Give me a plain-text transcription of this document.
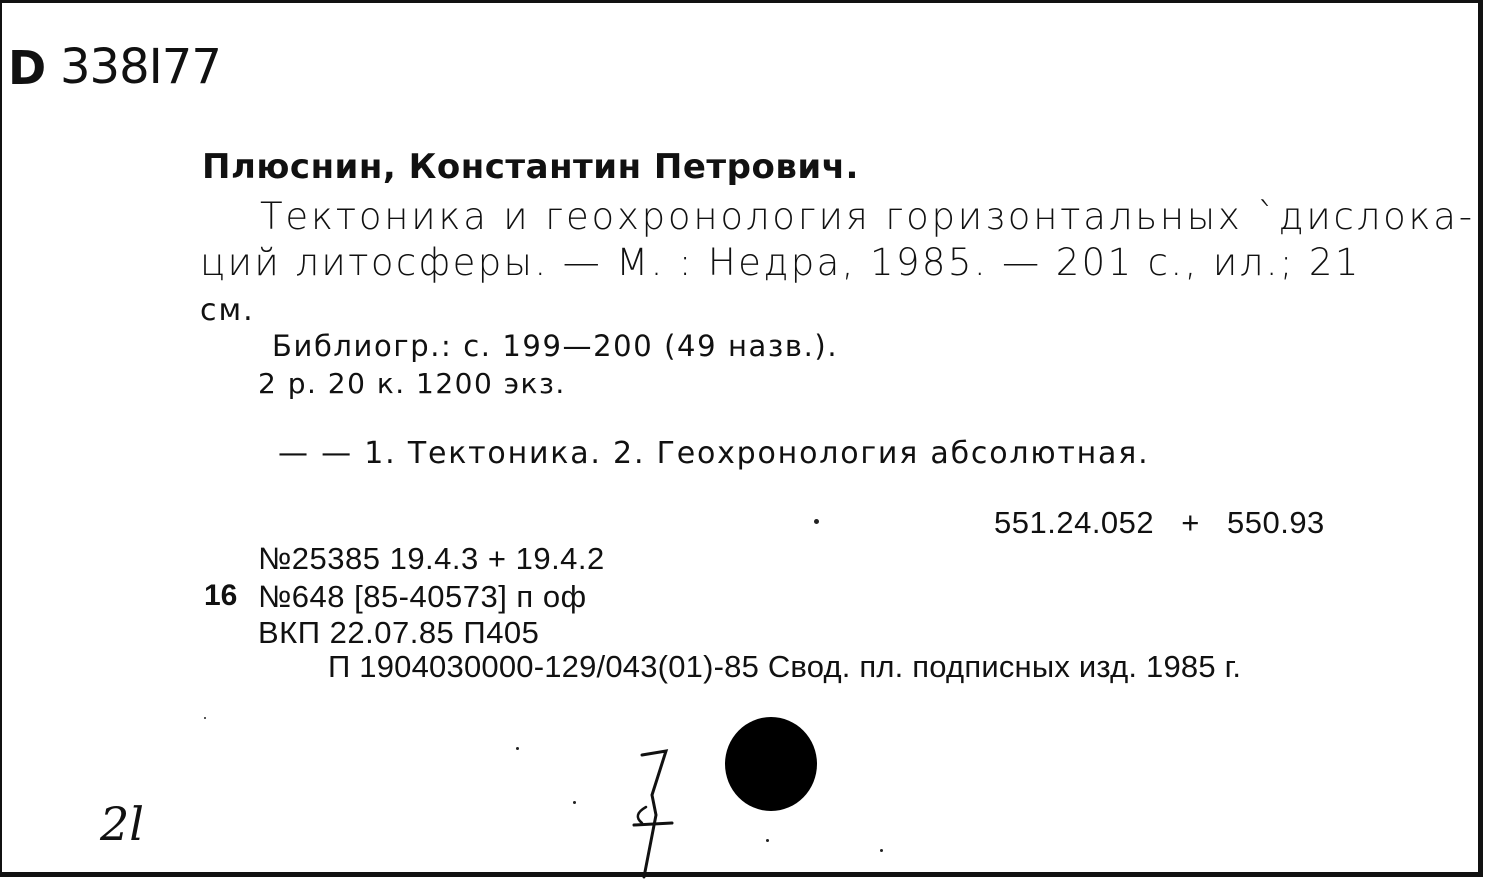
D 338I77
Плюснин, Константин Петрович.
Тектоника и геохронология горизонтальных `дислока-
ций литосферы. — М. : Недра, 1985. — 201 с., ил.; 21
см.
Библиогр.: с. 199—200 (49 назв.).
2 р. 20 к. 1200 экз.
— — 1. Тектоника. 2. Геохронология абсолютная.
551.24.052 + 550.93
№25385 19.4.3 + 19.4.2
16 №648 [85-40573] п оф
ВКП 22.07.85 П405
П 1904030000-129/043(01)-85 Свод. пл. подписных изд. 1985 г.
2l
